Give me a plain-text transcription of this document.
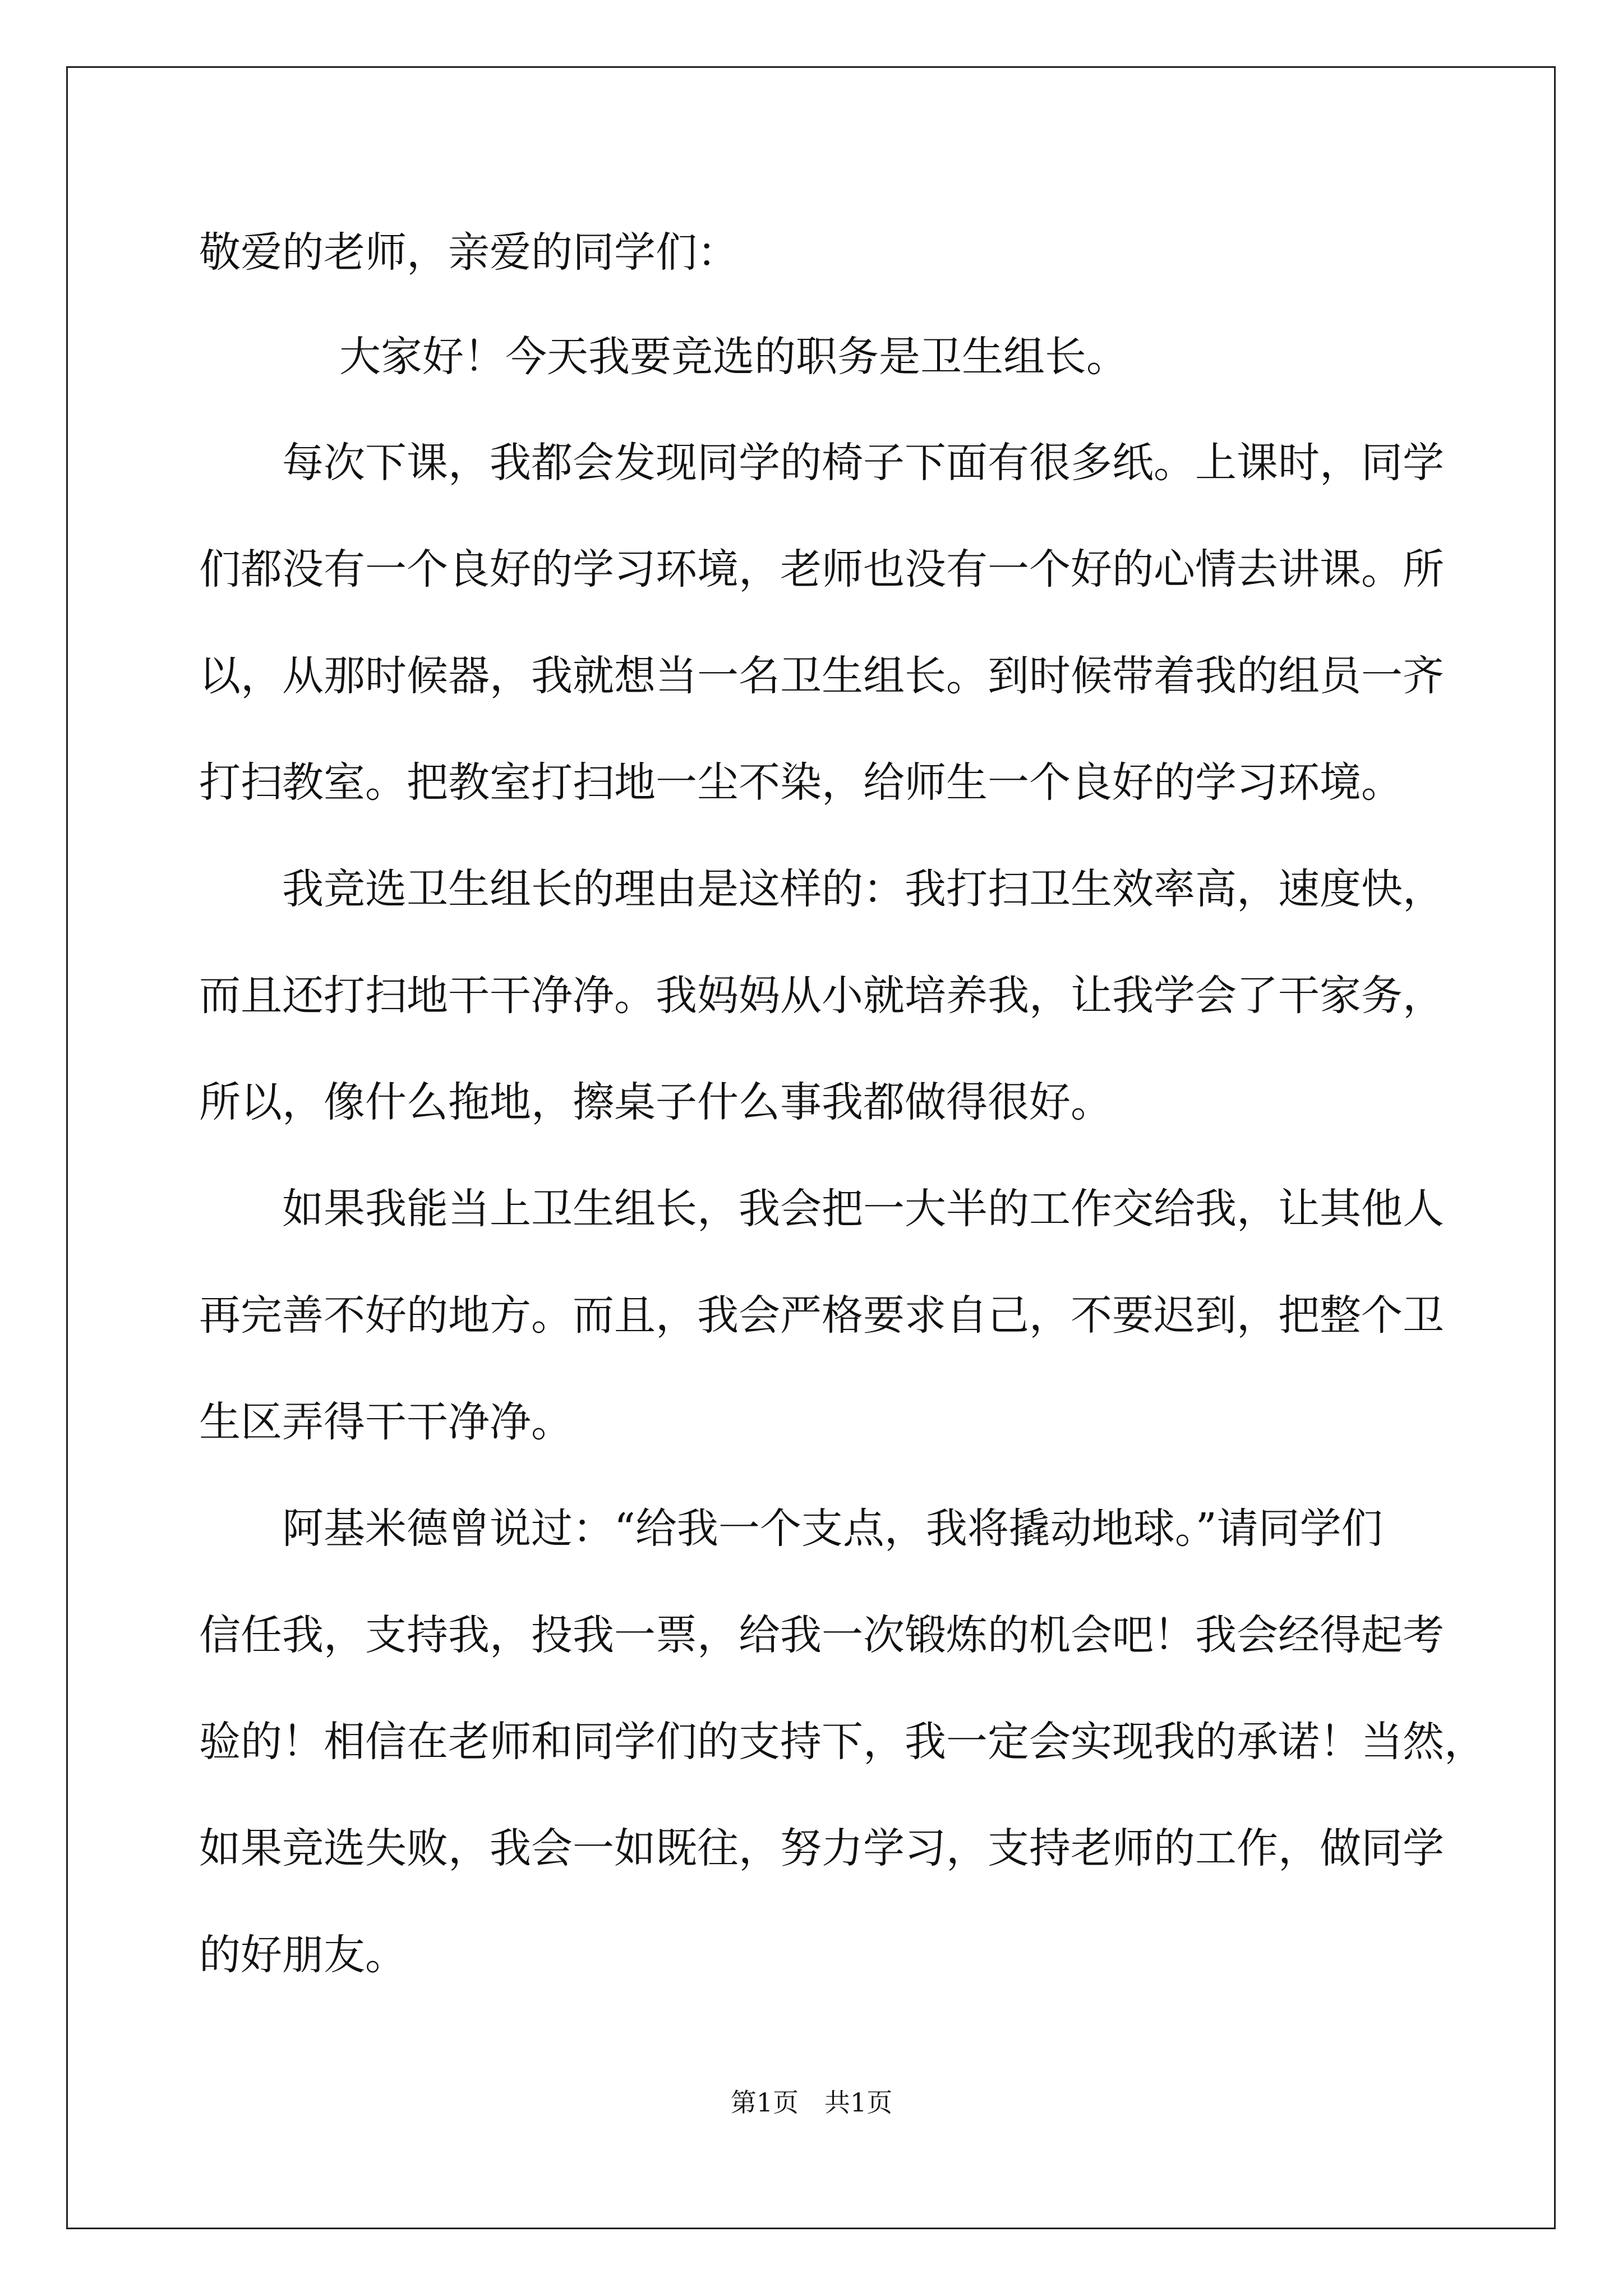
敬爱的老师，亲爱的同学们：
大家好！今天我要竞选的职务是卫生组长。
每次下课，我都会发现同学的椅子下面有很多纸。上课时，同学
们都没有一个良好的学习环境，老师也没有一个好的心情去讲课。所
以，从那时候器，我就想当一名卫生组长。到时候带着我的组员一齐
打扫教室。把教室打扫地一尘不染，给师生一个良好的学习环境。
我竞选卫生组长的理由是这样的：我打扫卫生效率高，速度快，
而且还打扫地干干净净。我妈妈从小就培养我，让我学会了干家务，
所以，像什么拖地，擦桌子什么事我都做得很好。
如果我能当上卫生组长，我会把一大半的工作交给我，让其他人
再完善不好的地方。而且，我会严格要求自己，不要迟到，把整个卫
生区弄得干干净净。
阿基米德曾说过：“给我一个支点，我将撬动地球。”请同学们
信任我，支持我，投我一票，给我一次锻炼的机会吧！我会经得起考
验的！相信在老师和同学们的支持下，我一定会实现我的承诺！当然，
如果竞选失败，我会一如既往，努力学习，支持老师的工作，做同学
的好朋友。
第1页　共1页
